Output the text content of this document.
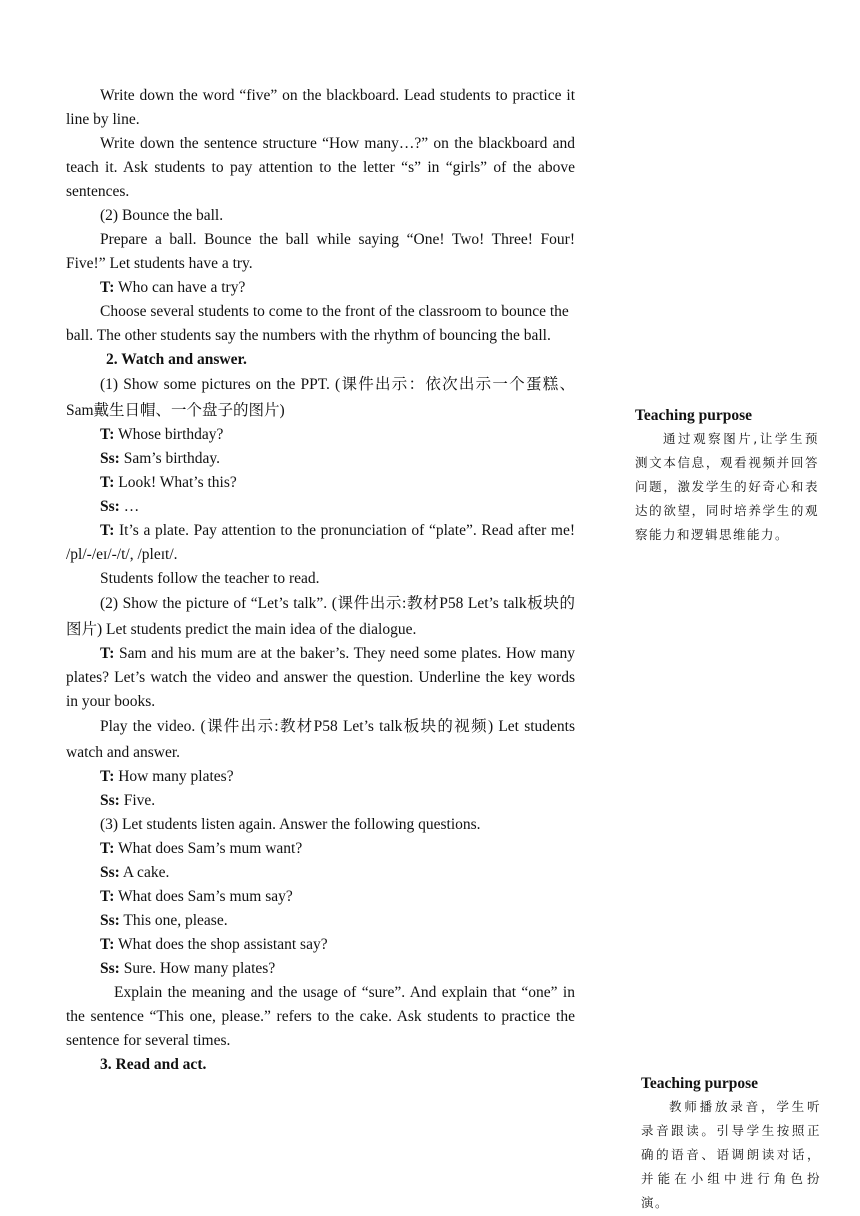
Write down the word “five” on the blackboard. Lead students to practice it line by line.

Write down the sentence structure “How many…?” on the blackboard and teach it. Ask students to pay attention to the letter “s” in “girls” of the above sentences.

(2) Bounce the ball.

Prepare a ball. Bounce the ball while saying “One! Two! Three! Four! Five!” Let students have a try.

T: Who can have a try?

Choose several students to come to the front of the classroom to bounce the ball. The other students say the numbers with the rhythm of bouncing the ball.

2. Watch and answer.

(1) Show some pictures on the PPT. (课件出示：依次出示一个蛋糕、Sam戴生日帽、一个盘子的图片)

T: Whose birthday?

Ss: Sam’s birthday.

T: Look! What’s this?

Ss: …

T: It’s a plate. Pay attention to the pronunciation of “plate”. Read after me! /pl/-/eɪ/-/t/, /pleɪt/.

Students follow the teacher to read.

(2) Show the picture of “Let’s talk”. (课件出示:教材P58 Let’s talk板块的图片) Let students predict the main idea of the dialogue.

T: Sam and his mum are at the baker’s. They need some plates. How many plates? Let’s watch the video and answer the question. Underline the key words in your books.

Play the video. (课件出示:教材P58 Let’s talk板块的视频) Let students watch and answer.

T: How many plates?

Ss: Five.

(3) Let students listen again. Answer the following questions.

T: What does Sam’s mum want?

Ss: A cake.

T: What does Sam’s mum say?

Ss: This one, please.

T: What does the shop assistant say?

Ss: Sure. How many plates?

Explain the meaning and the usage of “sure”. And explain that “one” in the sentence “This one, please.” refers to the cake. Ask students to practice the sentence for several times.

3. Read and act.

Teaching purpose

通过观察图片,让学生预测文本信息，观看视频并回答问题，激发学生的好奇心和表达的欲望，同时培养学生的观察能力和逻辑思维能力。

Teaching purpose

教师播放录音，学生听录音跟读。引导学生按照正确的语音、语调朗读对话，并能在小组中进行角色扮演。
